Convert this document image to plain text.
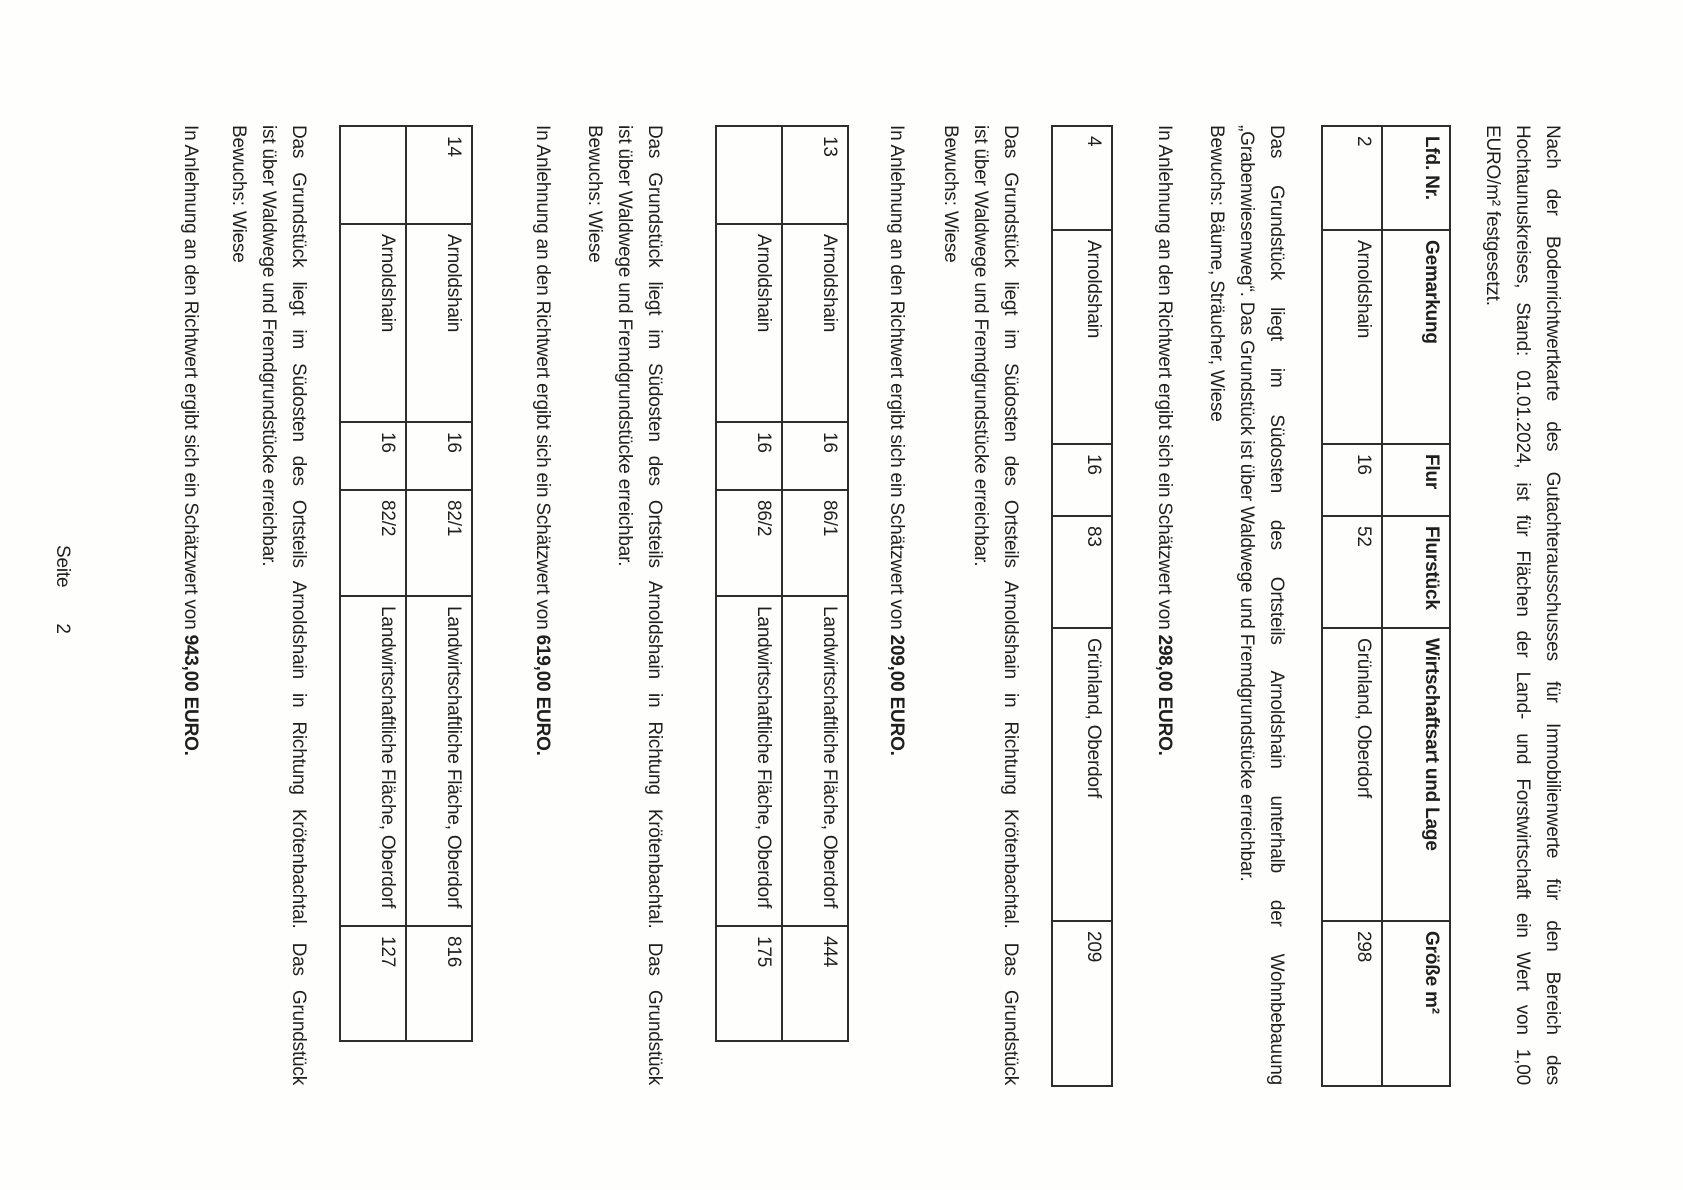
Nach der Bodenrichtwertkarte des Gutachterausschusses für Immobilienwerte für den Bereich des
Hochtaunuskreises, Stand: 01.01.2024, ist für Flächen der Land- und Forstwirtschaft ein Wert von 1,00
EURO/m² festgesetzt.
Lfd. Nr.	Gemarkung	Flur	Flurstück	Wirtschaftsart und Lage	Größe m²
2	Arnoldshain	16	52	Grünland, Oberdorf	298
Das Grundstück liegt im Südosten des Ortsteils Arnoldshain unterhalb der Wohnbebauung
„Grabenwiesenweg“. Das Grundstück ist über Waldwege und Fremdgrundstücke erreichbar.
Bewuchs: Bäume, Sträucher, Wiese
In Anlehnung an den Richtwert ergibt sich ein Schätzwert von 298,00 EURO.
4	Arnoldshain	16	83	Grünland, Oberdorf	209
Das Grundstück liegt im Südosten des Ortsteils Arnoldshain in Richtung Krötenbachtal. Das Grundstück
ist über Waldwege und Fremdgrundstücke erreichbar.
Bewuchs: Wiese
In Anlehnung an den Richtwert ergibt sich ein Schätzwert von 209,00 EURO.
13	Arnoldshain	16	86/1	Landwirtschaftliche Fläche, Oberdorf	444
	Arnoldshain	16	86/2	Landwirtschaftliche Fläche, Oberdorf	175
Das Grundstück liegt im Südosten des Ortsteils Arnoldshain in Richtung Krötenbachtal. Das Grundstück
ist über Waldwege und Fremdgrundstücke erreichbar.
Bewuchs: Wiese
In Anlehnung an den Richtwert ergibt sich ein Schätzwert von 619,00 EURO.
14	Arnoldshain	16	82/1	Landwirtschaftliche Fläche, Oberdorf	816
	Arnoldshain	16	82/2	Landwirtschaftliche Fläche, Oberdorf	127
Das Grundstück liegt im Südosten des Ortsteils Arnoldshain in Richtung Krötenbachtal. Das Grundstück
ist über Waldwege und Fremdgrundstücke erreichbar.
Bewuchs: Wiese
In Anlehnung an den Richtwert ergibt sich ein Schätzwert von 943,00 EURO.
Seite2
